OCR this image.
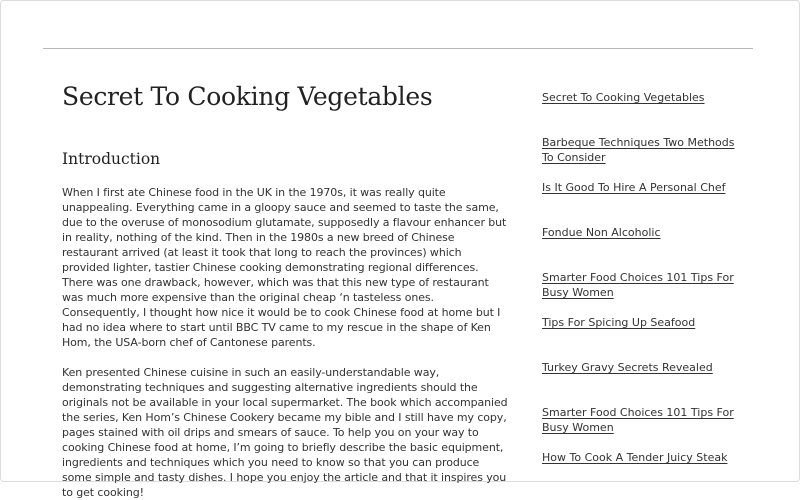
Secret To Cooking Vegetables
Introduction

When I first ate Chinese food in the UK in the 1970s, it was really quite unappealing. Everything came in a gloopy sauce and seemed to taste the same, due to the overuse of monosodium glutamate, supposedly a flavour enhancer but in reality, nothing of the kind. Then in the 1980s a new breed of Chinese restaurant arrived (at least it took that long to reach the provinces) which provided lighter, tastier Chinese cooking demonstrating regional differences. There was one drawback, however, which was that this new type of restaurant was much more expensive than the original cheap ‘n tasteless ones. Consequently, I thought how nice it would be to cook Chinese food at home but I had no idea where to start until BBC TV came to my rescue in the shape of Ken Hom, the USA-born chef of Cantonese parents.

Ken presented Chinese cuisine in such an easily-understandable way, demonstrating techniques and suggesting alternative ingredients should the originals not be available in your local supermarket. The book which accompanied the series, Ken Hom’s Chinese Cookery became my bible and I still have my copy, pages stained with oil drips and smears of sauce. To help you on your way to cooking Chinese food at home, I’m going to briefly describe the basic equipment, ingredients and techniques which you need to know so that you can produce some simple and tasty dishes. I hope you enjoy the article and that it inspires you to get cooking!

Secret To Cooking Vegetables
Barbeque Techniques Two Methods To Consider
Is It Good To Hire A Personal Chef
Fondue Non Alcoholic
Smarter Food Choices 101 Tips For Busy Women
Tips For Spicing Up Seafood
Turkey Gravy Secrets Revealed
Smarter Food Choices 101 Tips For Busy Women
How To Cook A Tender Juicy Steak
